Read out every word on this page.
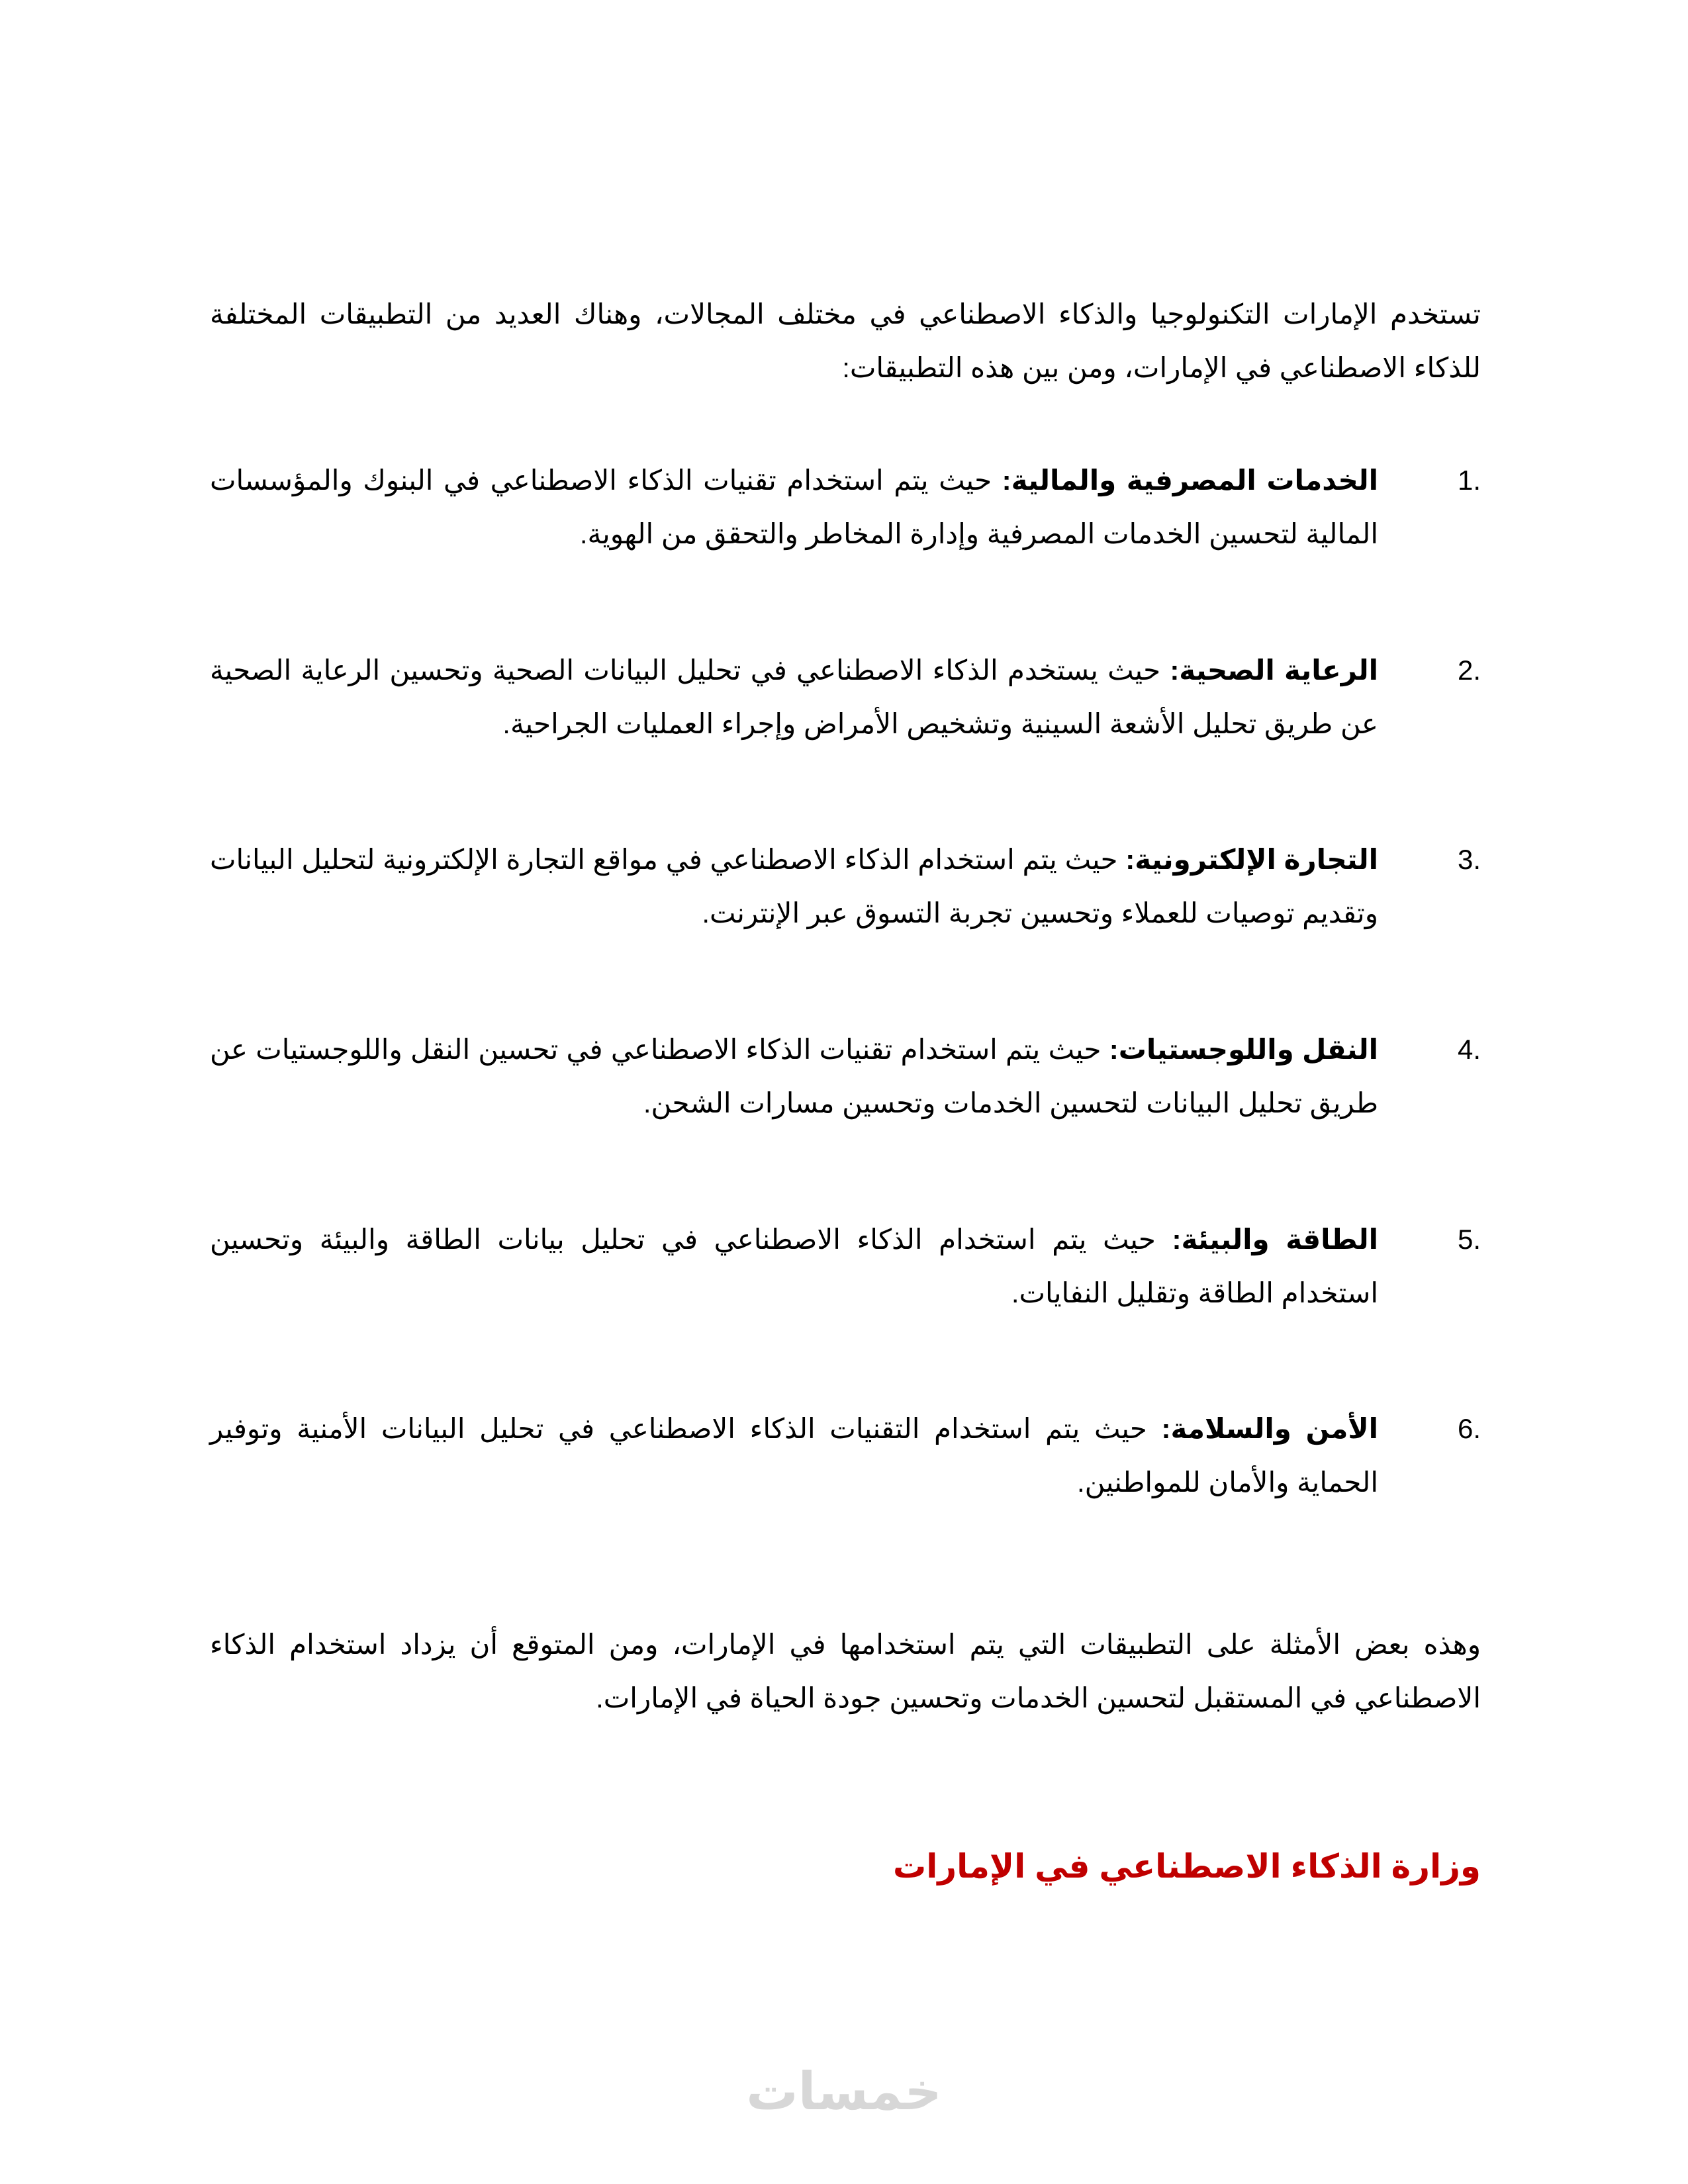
تستخدم الإمارات التكنولوجيا والذكاء الاصطناعي في مختلف المجالات، وهناك العديد من التطبيقات المختلفة للذكاء الاصطناعي في الإمارات، ومن بين هذه التطبيقات:

1.
الخدمات المصرفية والمالية: حيث يتم استخدام تقنيات الذكاء الاصطناعي في البنوك والمؤسسات المالية لتحسين الخدمات المصرفية وإدارة المخاطر والتحقق من الهوية.
2.
الرعاية الصحية: حيث يستخدم الذكاء الاصطناعي في تحليل البيانات الصحية وتحسين الرعاية الصحية عن طريق تحليل الأشعة السينية وتشخيص الأمراض وإجراء العمليات الجراحية.
3.
التجارة الإلكترونية: حيث يتم استخدام الذكاء الاصطناعي في مواقع التجارة الإلكترونية لتحليل البيانات وتقديم توصيات للعملاء وتحسين تجربة التسوق عبر الإنترنت.
4.
النقل واللوجستيات: حيث يتم استخدام تقنيات الذكاء الاصطناعي في تحسين النقل واللوجستيات عن طريق تحليل البيانات لتحسين الخدمات وتحسين مسارات الشحن.
5.
الطاقة والبيئة: حيث يتم استخدام الذكاء الاصطناعي في تحليل بيانات الطاقة والبيئة وتحسين استخدام الطاقة وتقليل النفايات.
6.
الأمن والسلامة: حيث يتم استخدام التقنيات الذكاء الاصطناعي في تحليل البيانات الأمنية وتوفير الحماية والأمان للمواطنين.

وهذه بعض الأمثلة على التطبيقات التي يتم استخدامها في الإمارات، ومن المتوقع أن يزداد استخدام الذكاء الاصطناعي في المستقبل لتحسين الخدمات وتحسين جودة الحياة في الإمارات.

وزارة الذكاء الاصطناعي في الإمارات
خمسات
